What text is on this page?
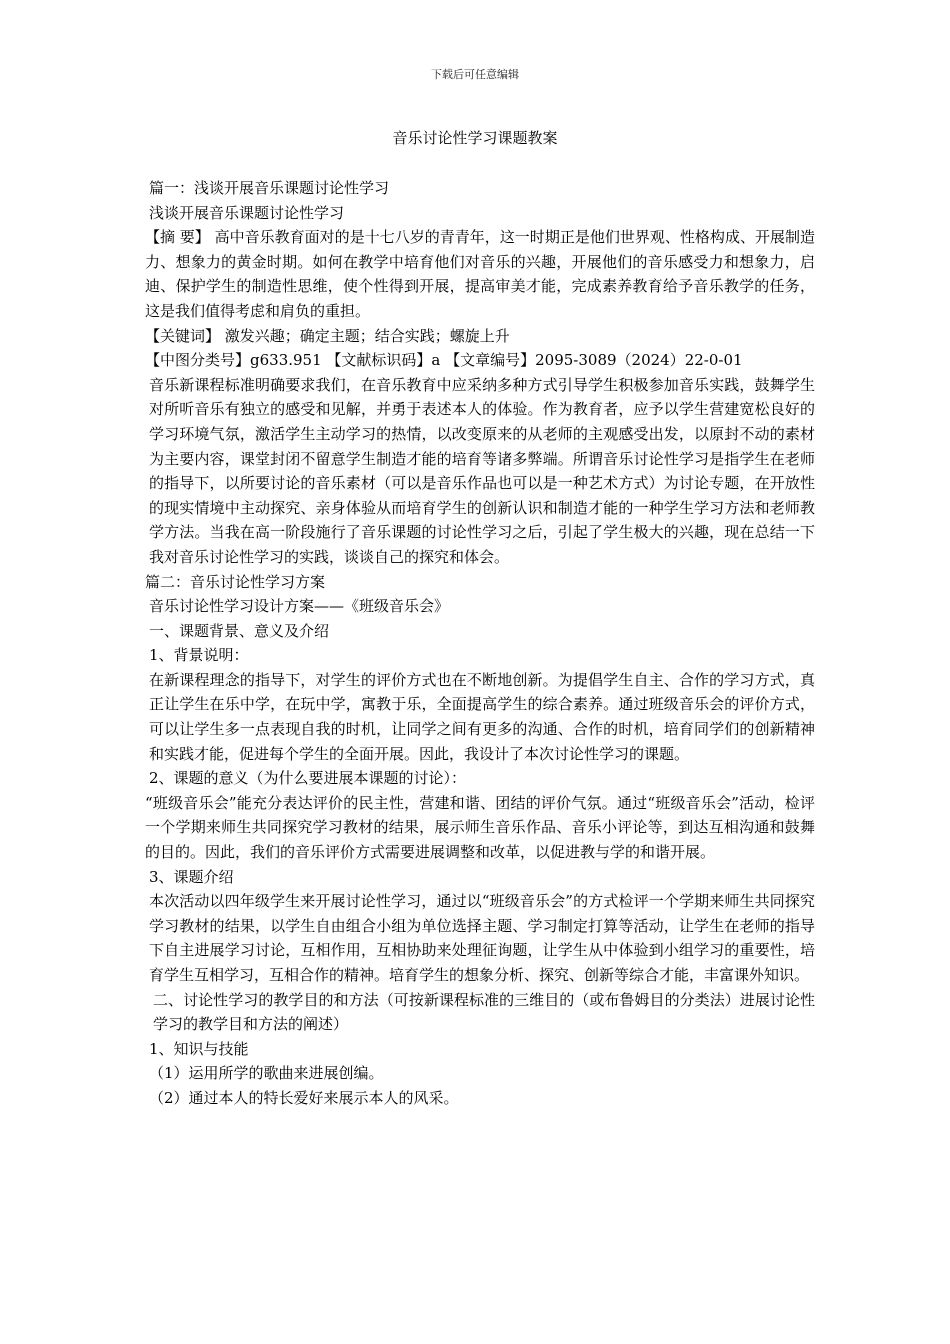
下载后可任意编辑
音乐讨论性学习课题教案

篇一：浅谈开展音乐课题讨论性学习

浅谈开展音乐课题讨论性学习

【摘 要】 高中音乐教育面对的是十七八岁的青青年，这一时期正是他们世界观、性格构成、开展制造力、想象力的黄金时期。如何在教学中培育他们对音乐的兴趣，开展他们的音乐感受力和想象力，启迪、保护学生的制造性思维，使个性得到开展，提高审美才能，完成素养教育给予音乐教学的任务，这是我们值得考虑和肩负的重担。

【关键词】 激发兴趣；确定主题；结合实践；螺旋上升

【中图分类号】g633.951 【文献标识码】a 【文章编号】2095-3089（2024）22-0-01

音乐新课程标准明确要求我们，在音乐教育中应采纳多种方式引导学生积极参加音乐实践，鼓舞学生对所听音乐有独立的感受和见解，并勇于表述本人的体验。作为教育者，应予以学生营建宽松良好的学习环境气氛，激活学生主动学习的热情，以改变原来的从老师的主观感受出发，以原封不动的素材为主要内容，课堂封闭不留意学生制造才能的培育等诸多弊端。所谓音乐讨论性学习是指学生在老师的指导下，以所要讨论的音乐素材（可以是音乐作品也可以是一种艺术方式）为讨论专题，在开放性的现实情境中主动探究、亲身体验从而培育学生的创新认识和制造才能的一种学生学习方法和老师教学方法。当我在高一阶段施行了音乐课题的讨论性学习之后，引起了学生极大的兴趣，现在总结一下我对音乐讨论性学习的实践，谈谈自己的探究和体会。

篇二：音乐讨论性学习方案

音乐讨论性学习设计方案——《班级音乐会》

一、课题背景、意义及介绍

1、背景说明：

在新课程理念的指导下，对学生的评价方式也在不断地创新。为提倡学生自主、合作的学习方式，真正让学生在乐中学，在玩中学，寓教于乐，全面提高学生的综合素养。通过班级音乐会的评价方式，可以让学生多一点表现自我的时机，让同学之间有更多的沟通、合作的时机，培育同学们的创新精神和实践才能，促进每个学生的全面开展。因此，我设计了本次讨论性学习的课题。

2、课题的意义（为什么要进展本课题的讨论）：

“班级音乐会”能充分表达评价的民主性，营建和谐、团结的评价气氛。通过“班级音乐会”活动，检评一个学期来师生共同探究学习教材的结果，展示师生音乐作品、音乐小评论等，到达互相沟通和鼓舞的目的。因此，我们的音乐评价方式需要进展调整和改革，以促进教与学的和谐开展。

3、课题介绍

本次活动以四年级学生来开展讨论性学习，通过以“班级音乐会”的方式检评一个学期来师生共同探究学习教材的结果，以学生自由组合小组为单位选择主题、学习制定打算等活动，让学生在老师的指导下自主进展学习讨论，互相作用，互相协助来处理征询题，让学生从中体验到小组学习的重要性，培育学生互相学习，互相合作的精神。培育学生的想象分析、探究、创新等综合才能，丰富课外知识。

二、讨论性学习的教学目的和方法（可按新课程标准的三维目的（或布鲁姆目的分类法）进展讨论性学习的教学目和方法的阐述）

1、知识与技能

（1）运用所学的歌曲来进展创编。

（2）通过本人的特长爱好来展示本人的风采。
